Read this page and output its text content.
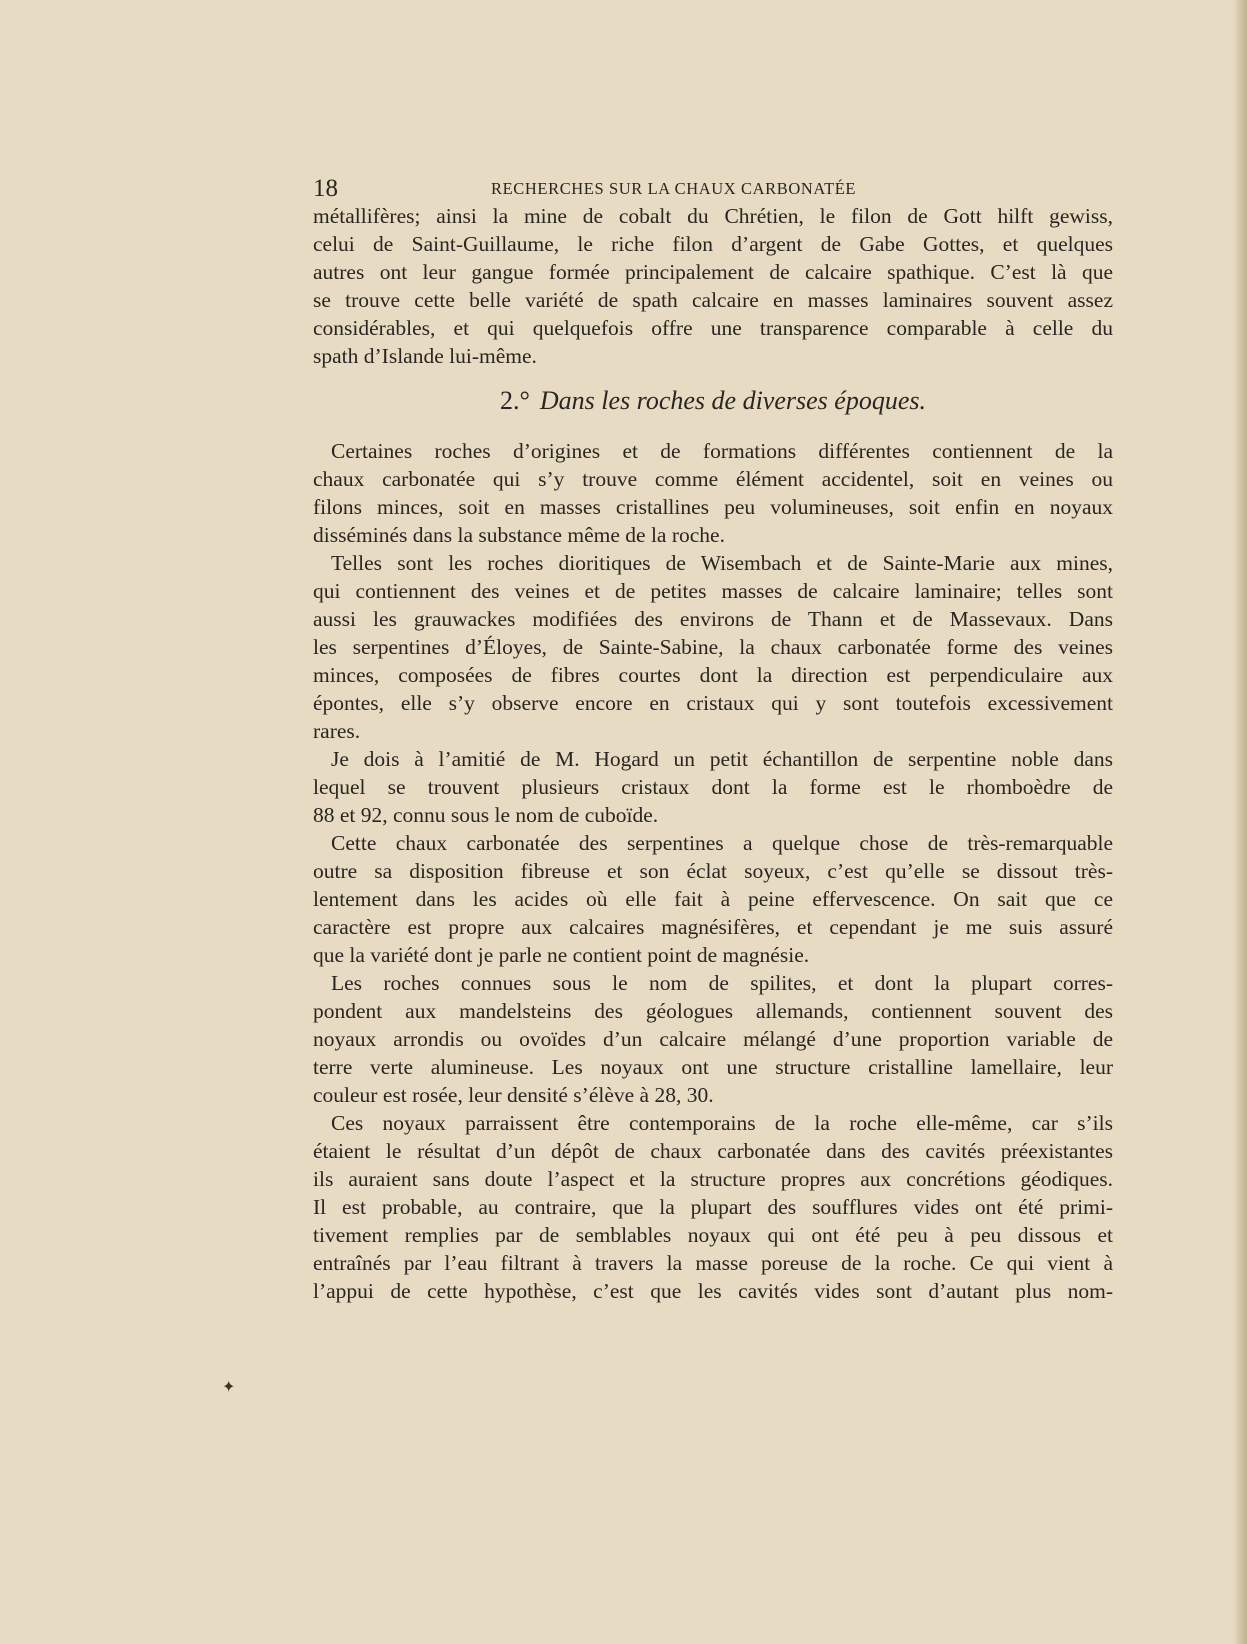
18	RECHERCHES SUR LA CHAUX CARBONATÉE
métallifères; ainsi la mine de cobalt du Chrétien, le filon de Gott hilft gewiss,
celui de Saint-Guillaume, le riche filon d’argent de Gabe Gottes, et quelques
autres ont leur gangue formée principalement de calcaire spathique. C’est là que
se trouve cette belle variété de spath calcaire en masses laminaires souvent assez
considérables, et qui quelquefois offre une transparence comparable à celle du
spath d’Islande lui-même.
2.° Dans les roches de diverses époques.
Certaines roches d’origines et de formations différentes contiennent de la
chaux carbonatée qui s’y trouve comme élément accidentel, soit en veines ou
filons minces, soit en masses cristallines peu volumineuses, soit enfin en noyaux
disséminés dans la substance même de la roche.
Telles sont les roches dioritiques de Wisembach et de Sainte-Marie aux mines,
qui contiennent des veines et de petites masses de calcaire laminaire; telles sont
aussi les grauwackes modifiées des environs de Thann et de Massevaux. Dans
les serpentines d’Éloyes, de Sainte-Sabine, la chaux carbonatée forme des veines
minces, composées de fibres courtes dont la direction est perpendiculaire aux
épontes, elle s’y observe encore en cristaux qui y sont toutefois excessivement
rares.
Je dois à l’amitié de M. Hogard un petit échantillon de serpentine noble dans
lequel se trouvent plusieurs cristaux dont la forme est le rhomboèdre de
88 et 92, connu sous le nom de cuboïde.
Cette chaux carbonatée des serpentines a quelque chose de très-remarquable
outre sa disposition fibreuse et son éclat soyeux, c’est qu’elle se dissout très-
lentement dans les acides où elle fait à peine effervescence. On sait que ce
caractère est propre aux calcaires magnésifères, et cependant je me suis assuré
que la variété dont je parle ne contient point de magnésie.
Les roches connues sous le nom de spilites, et dont la plupart corres-
pondent aux mandelsteins des géologues allemands, contiennent souvent des
noyaux arrondis ou ovoïdes d’un calcaire mélangé d’une proportion variable de
terre verte alumineuse. Les noyaux ont une structure cristalline lamellaire, leur
couleur est rosée, leur densité s’élève à 28, 30.
Ces noyaux parraissent être contemporains de la roche elle-même, car s’ils
étaient le résultat d’un dépôt de chaux carbonatée dans des cavités préexistantes
ils auraient sans doute l’aspect et la structure propres aux concrétions géodiques.
Il est probable, au contraire, que la plupart des soufflures vides ont été primi-
tivement remplies par de semblables noyaux qui ont été peu à peu dissous et
entraînés par l’eau filtrant à travers la masse poreuse de la roche. Ce qui vient à
l’appui de cette hypothèse, c’est que les cavités vides sont d’autant plus nom-
✦
